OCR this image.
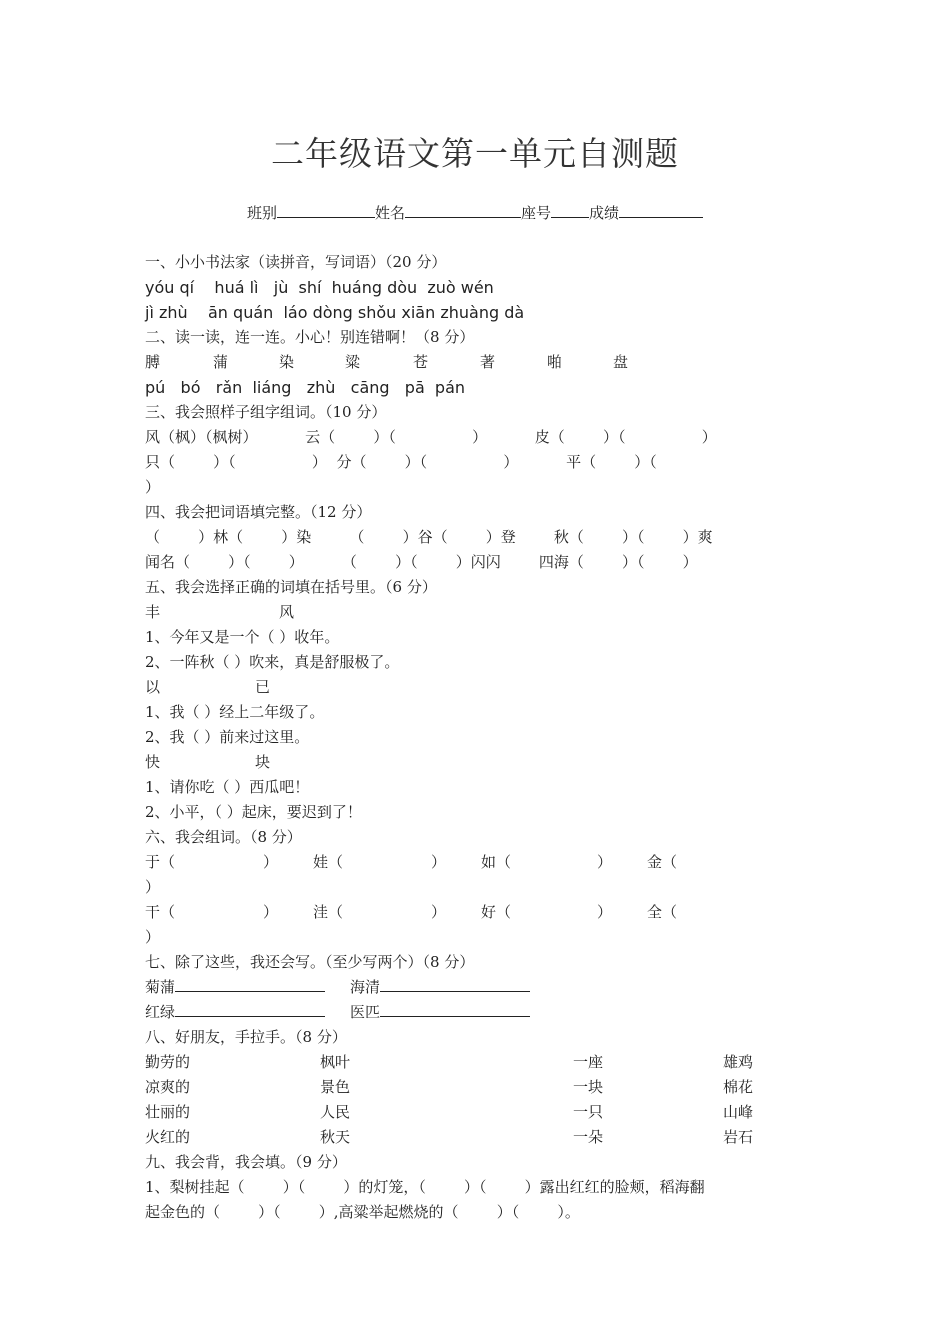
二年级语文第一单元自测题
班别	姓名	座号	成绩
一、小小书法家（读拼音，写词语）（20 分）
yóu qí    huá lì   jù  shí  huáng dòu  zuò wén
jì zhù    ān quán  láo dòng shǒu xiān zhuàng dà
二、读一读，连一连。小心！别连错啊！（8 分）
膊	蒲	染	粱	苍	著	啪	盘
pú   bó   rǎn  liáng   zhù   cāng   pā  pán
三、我会照样子组字组词。（10 分）
风（枫）（枫树）          云（        ）（                ）          皮（        ）（                ）
只（        ）（                ）  分（        ）（                ）          平（        ）（
）
四、我会把词语填完整。（12 分）
（        ）林（        ）染        （        ）谷（        ）登        秋（        ）（        ）爽
闻名（        ）（        ）        （        ）（        ）闪闪        四海（        ）（        ）
五、我会选择正确的词填在括号里。（6 分）
丰	风
1、今年又是一个（ ）收年。
2、一阵秋（ ）吹来，真是舒服极了。
以	已
1、我（ ）经上二年级了。
2、我（ ）前来过这里。
快	块
1、请你吃（ ）西瓜吧！
2、小平，（ ）起床，要迟到了！
六、我会组词。（8 分）
于（	） 娃（	） 如（	） 金（
）
干（	） 洼（	） 好（	） 全（
）
七、除了这些，我还会写。（至少写两个）（8 分）
菊蒲	海清
红绿	医匹
八、好朋友，手拉手。（8 分）
勤劳的	枫叶	一座	雄鸡
凉爽的	景色	一块	棉花
壮丽的	人民	一只	山峰
火红的	秋天	一朵	岩石
九、我会背，我会填。（9 分）
1、梨树挂起（        ）（        ）的灯笼，（        ）（        ）露出红红的脸颊，稻海翻
起金色的（        ）（        ）,高粱举起燃烧的（        ）（        ）。
